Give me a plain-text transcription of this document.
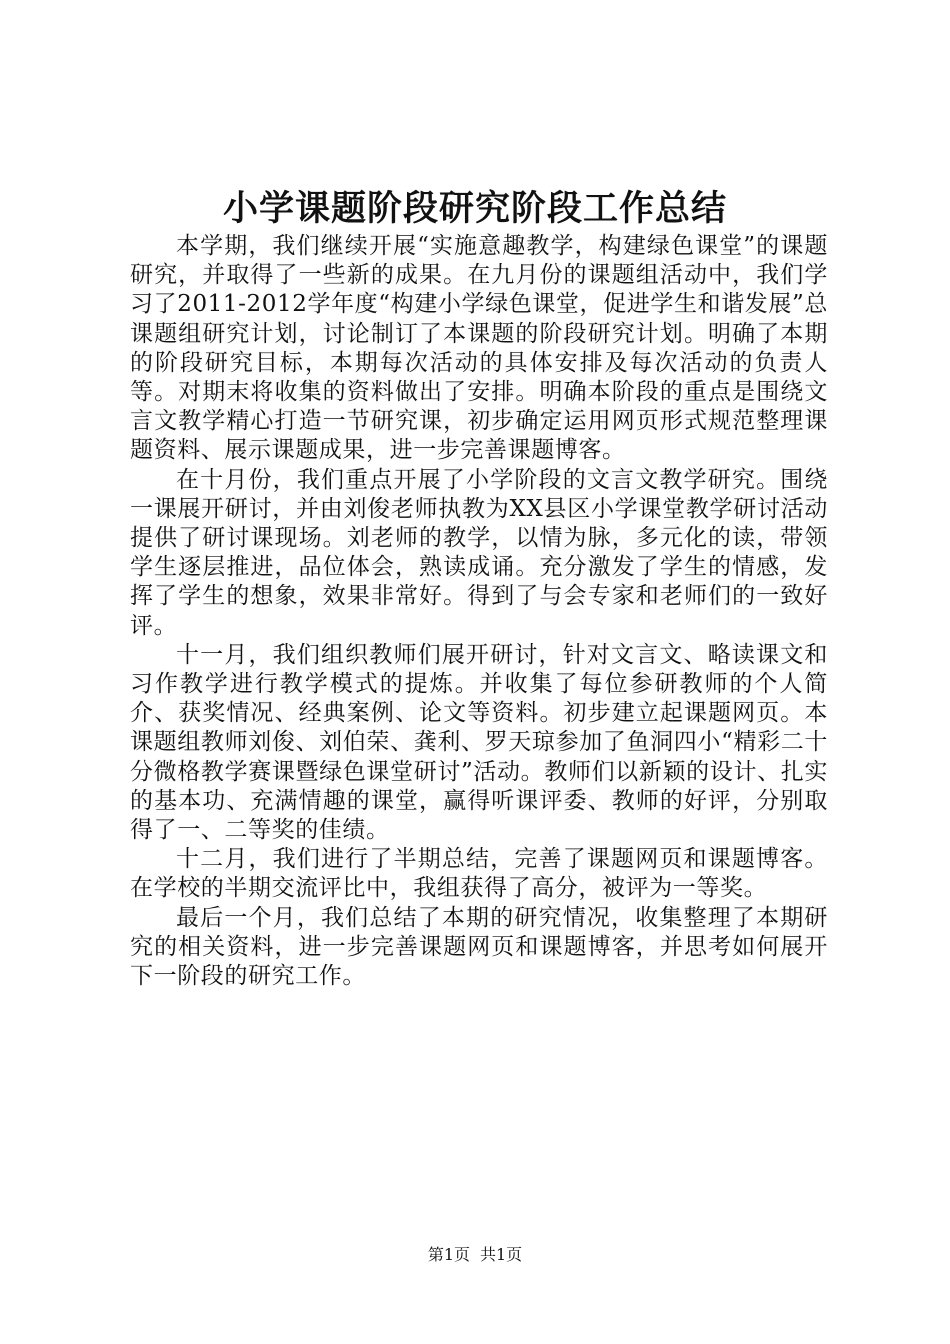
小学课题阶段研究阶段工作总结

本学期，我们继续开展“实施意趣教学，构建绿色课堂”的课题研究，并取得了一些新的成果。在九月份的课题组活动中，我们学习了2011-2012学年度“构建小学绿色课堂，促进学生和谐发展”总课题组研究计划，讨论制订了本课题的阶段研究计划。明确了本期的阶段研究目标，本期每次活动的具体安排及每次活动的负责人等。对期末将收集的资料做出了安排。明确本阶段的重点是围绕文言文教学精心打造一节研究课，初步确定运用网页形式规范整理课题资料、展示课题成果，进一步完善课题博客。

在十月份，我们重点开展了小学阶段的文言文教学研究。围绕一课展开研讨，并由刘俊老师执教为XX县区小学课堂教学研讨活动提供了研讨课现场。刘老师的教学，以情为脉，多元化的读，带领学生逐层推进，品位体会，熟读成诵。充分激发了学生的情感，发挥了学生的想象，效果非常好。得到了与会专家和老师们的一致好评。

十一月，我们组织教师们展开研讨，针对文言文、略读课文和习作教学进行教学模式的提炼。并收集了每位参研教师的个人简介、获奖情况、经典案例、论文等资料。初步建立起课题网页。本课题组教师刘俊、刘伯荣、龚利、罗天琼参加了鱼洞四小“精彩二十分微格教学赛课暨绿色课堂研讨”活动。教师们以新颖的设计、扎实的基本功、充满情趣的课堂，赢得听课评委、教师的好评，分别取得了一、二等奖的佳绩。

十二月，我们进行了半期总结，完善了课题网页和课题博客。在学校的半期交流评比中，我组获得了高分，被评为一等奖。

最后一个月，我们总结了本期的研究情况，收集整理了本期研究的相关资料，进一步完善课题网页和课题博客，并思考如何展开下一阶段的研究工作。

第1页 共1页
